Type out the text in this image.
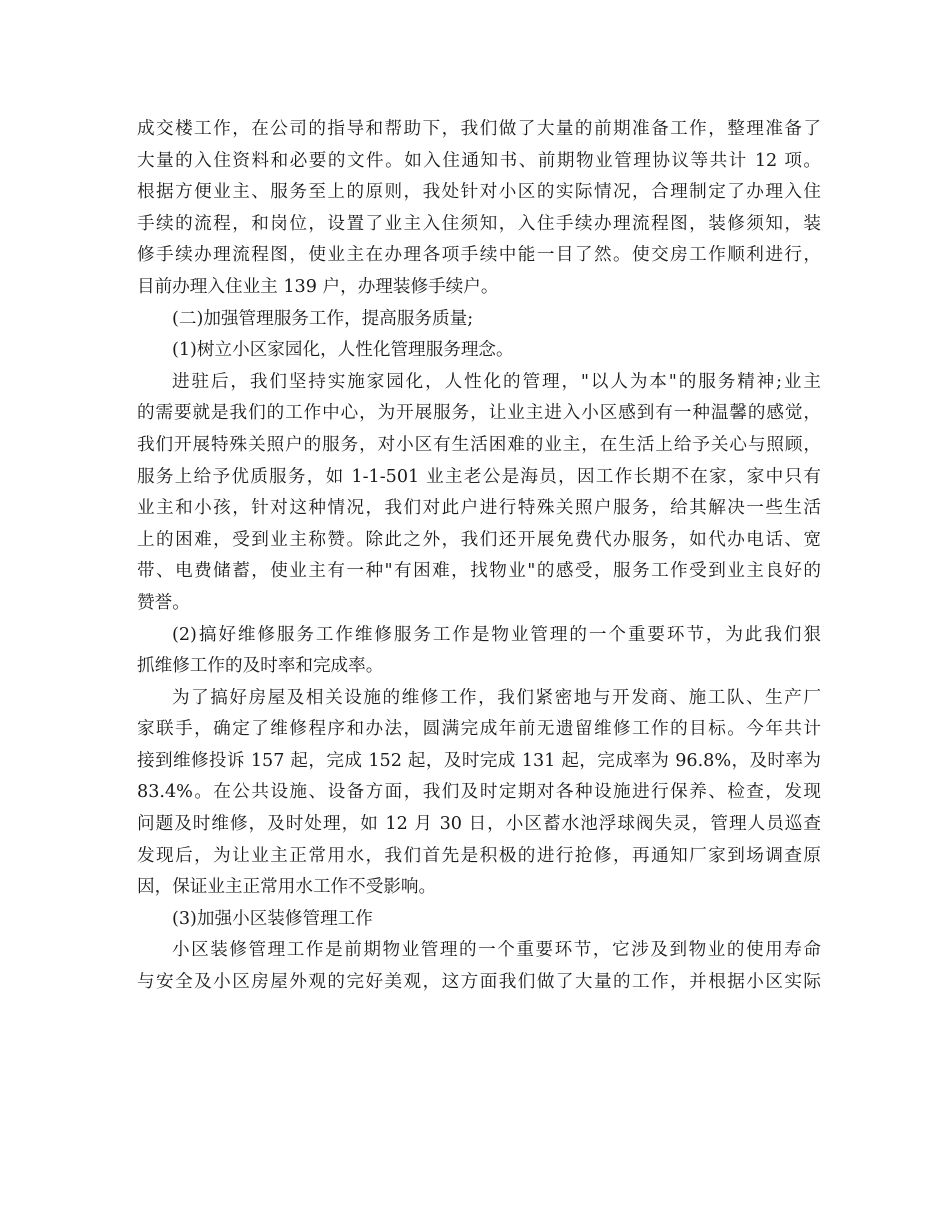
成交楼工作，在公司的指导和帮助下，我们做了大量的前期准备工作，整理准备了
大量的入住资料和必要的文件。如入住通知书、前期物业管理协议等共计 12 项。
根据方便业主、服务至上的原则，我处针对小区的实际情况，合理制定了办理入住
手续的流程，和岗位，设置了业主入住须知，入住手续办理流程图，装修须知，装
修手续办理流程图，使业主在办理各项手续中能一目了然。使交房工作顺利进行，
目前办理入住业主 139 户，办理装修手续户。
(二)加强管理服务工作，提高服务质量;
(1)树立小区家园化，人性化管理服务理念。
进驻后，我们坚持实施家园化，人性化的管理，"以人为本"的服务精神;业主
的需要就是我们的工作中心，为开展服务，让业主进入小区感到有一种温馨的感觉，
我们开展特殊关照户的服务，对小区有生活困难的业主，在生活上给予关心与照顾，
服务上给予优质服务，如 1-1-501 业主老公是海员，因工作长期不在家，家中只有
业主和小孩，针对这种情况，我们对此户进行特殊关照户服务，给其解决一些生活
上的困难，受到业主称赞。除此之外，我们还开展免费代办服务，如代办电话、宽
带、电费储蓄，使业主有一种"有困难，找物业"的感受，服务工作受到业主良好的
赞誉。
(2)搞好维修服务工作维修服务工作是物业管理的一个重要环节，为此我们狠
抓维修工作的及时率和完成率。
为了搞好房屋及相关设施的维修工作，我们紧密地与开发商、施工队、生产厂
家联手，确定了维修程序和办法，圆满完成年前无遗留维修工作的目标。今年共计
接到维修投诉 157 起，完成 152 起，及时完成 131 起，完成率为 96.8%，及时率为
83.4%。在公共设施、设备方面，我们及时定期对各种设施进行保养、检查，发现
问题及时维修，及时处理，如 12 月 30 日，小区蓄水池浮球阀失灵，管理人员巡查
发现后，为让业主正常用水，我们首先是积极的进行抢修，再通知厂家到场调查原
因，保证业主正常用水工作不受影响。
(3)加强小区装修管理工作
小区装修管理工作是前期物业管理的一个重要环节，它涉及到物业的使用寿命
与安全及小区房屋外观的完好美观，这方面我们做了大量的工作，并根据小区实际
